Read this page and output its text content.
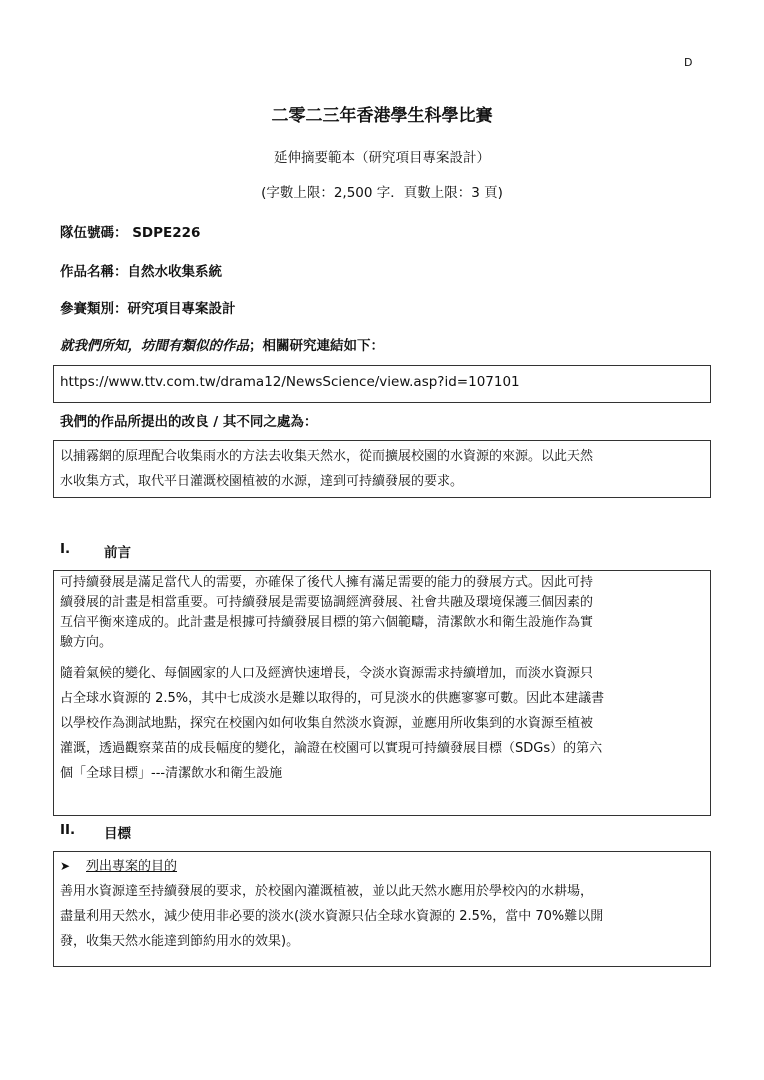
D
二零二三年香港學生科學比賽
延伸摘要範本（研究項目專案設計）
(字數上限：2,500 字．頁數上限：3 頁)
隊伍號碼： SDPE226
作品名稱：自然水收集系統
參賽類別：研究項目專案設計
就我們所知，坊間有類似的作品；相關研究連結如下：
https://www.ttv.com.tw/drama12/NewsScience/view.asp?id=107101
我們的作品所提出的改良 / 其不同之處為：
以捕霧網的原理配合收集雨水的方法去收集天然水，從而擴展校園的水資源的來源。以此天然
水收集方式，取代平日灌溉校園植被的水源，達到可持續發展的要求。
I.	前言

可持續發展是滿足當代人的需要，亦確保了後代人擁有滿足需要的能力的發展方式。因此可持
續發展的計畫是相當重要。可持續發展是需要協調經濟發展、社會共融及環境保護三個因素的
互信平衡來達成的。此計畫是根據可持續發展目標的第六個範疇，清潔飲水和衛生設施作為實
驗方向。

隨着氣候的變化、每個國家的人口及經濟快速增長，令淡水資源需求持續增加，而淡水資源只
占全球水資源的 2.5%，其中七成淡水是難以取得的，可見淡水的供應寥寥可數。因此本建議書
以學校作為測試地點，探究在校園內如何收集自然淡水資源，並應用所收集到的水資源至植被
灌溉，透過觀察菜苗的成長幅度的變化，論證在校園可以實現可持續發展目標（SDGs）的第六
個「全球目標」---清潔飲水和衛生設施

II. 目標
➤	列出專案的目的
善用水資源達至持續發展的要求，於校園內灌溉植被，並以此天然水應用於學校內的水耕場，
盡量利用天然水，減少使用非必要的淡水(淡水資源只佔全球水資源的 2.5%，當中 70%難以開
發，收集天然水能達到節約用水的效果)。
